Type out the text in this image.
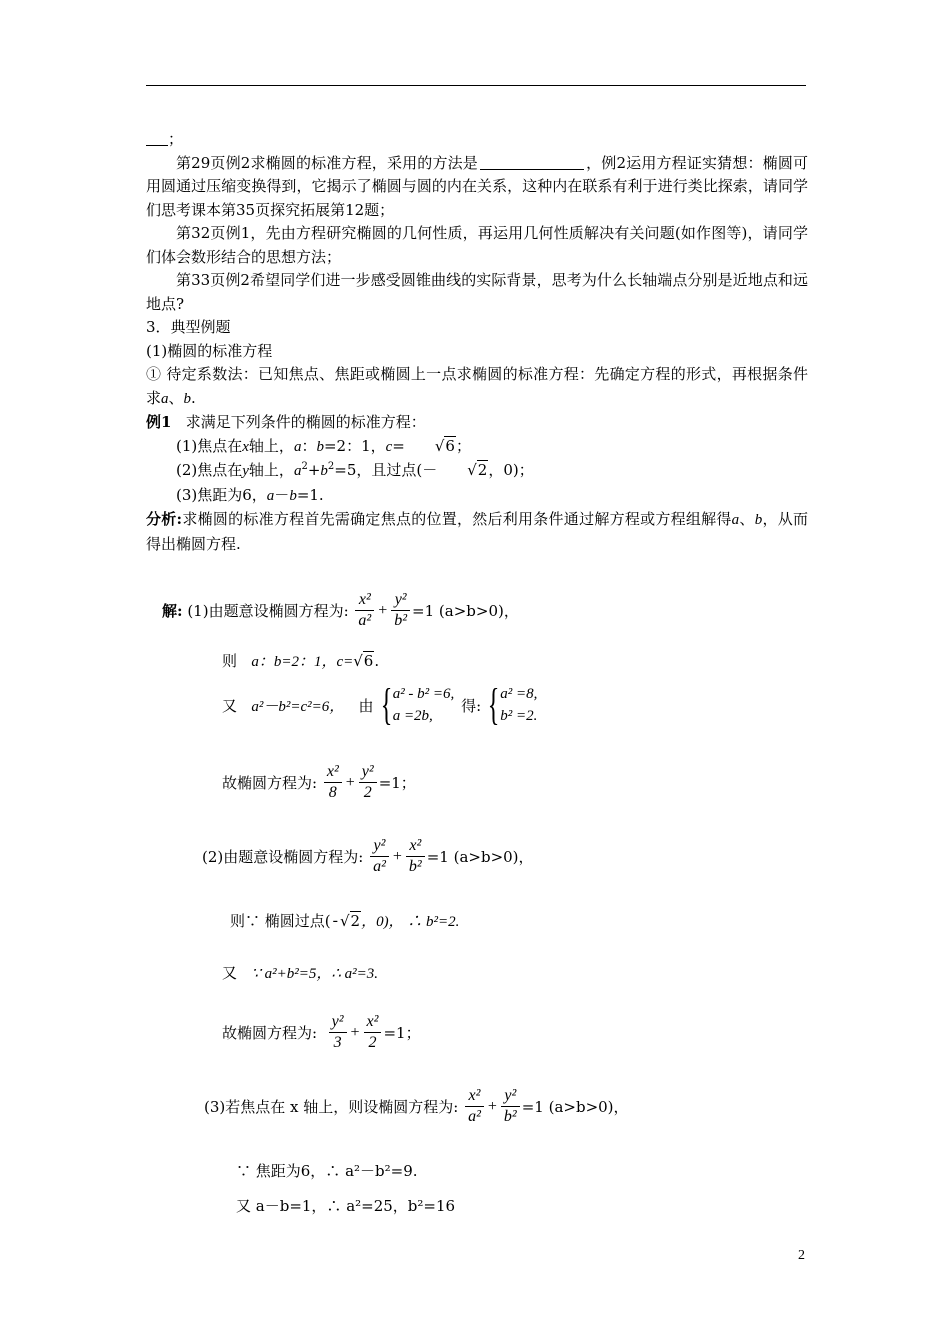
；

第29页例2求椭圆的标准方程，采用的方法是	，例2运用方程证实猜想：椭圆可用圆通过压缩变换得到，它揭示了椭圆与圆的内在关系，这种内在联系有利于进行类比探索，请同学们思考课本第35页探究拓展第12题；

第32页例1，先由方程研究椭圆的几何性质，再运用几何性质解决有关问题(如作图等)，请同学们体会数形结合的思想方法；

第33页例2希望同学们进一步感受圆锥曲线的实际背景，思考为什么长轴端点分别是近地点和远地点?

3．典型例题

(1)椭圆的标准方程

① 待定系数法：已知焦点、焦距或椭圆上一点求椭圆的标准方程：先确定方程的形式，再根据条件求a、b.

例1 求满足下列条件的椭圆的标准方程：

(1)焦点在x轴上，a：b=2：1，c= √6；

(2)焦点在y轴上，$a^2+b^2=5$，且过点(－ √2，0)；

(3)焦距为6，a－b=1.

分析:求椭圆的标准方程首先需确定焦点的位置，然后利用条件通过解方程或方程组解得a、b，从而得出椭圆方程.

解:
(1)由题意设椭圆方程为:
$\frac{\text{x²}}{\text{a²}} + \frac{\text{y²}}{\text{b²}} =1$ (a>b>0)，
则
a：b=2：1，c= √6 .
又
a²－b²=c²=6，
由 { a² - b² =6,
a =2b,

得: { a² =8,
b² =2.
故椭圆方程为:
$\frac{\text{x²}}{8} + \frac{\text{y²}}{2} =1$；
(2)由题意设椭圆方程为:
$\frac{\text{y²}}{\text{a²}} + \frac{\text{x²}}{\text{b²}} =1$ (a>b>0)，
则∵ 椭圆过点( - √2 ，0)， ∴ b²=2.
又
∵ a²+b²=5，∴ a²=3.
故椭圆方程为:
$\frac{\text{y²}}{3} + \frac{\text{x²}}{2} =1$；
(3)若焦点在 x 轴上，则设椭圆方程为:
$\frac{\text{x²}}{\text{a²}} + \frac{\text{y²}}{\text{b²}} =1$ (a>b>0)，
∵ 焦距为6，∴ a²－b²=9.
又 a－b=1，∴ a²=25，b²=16
2
